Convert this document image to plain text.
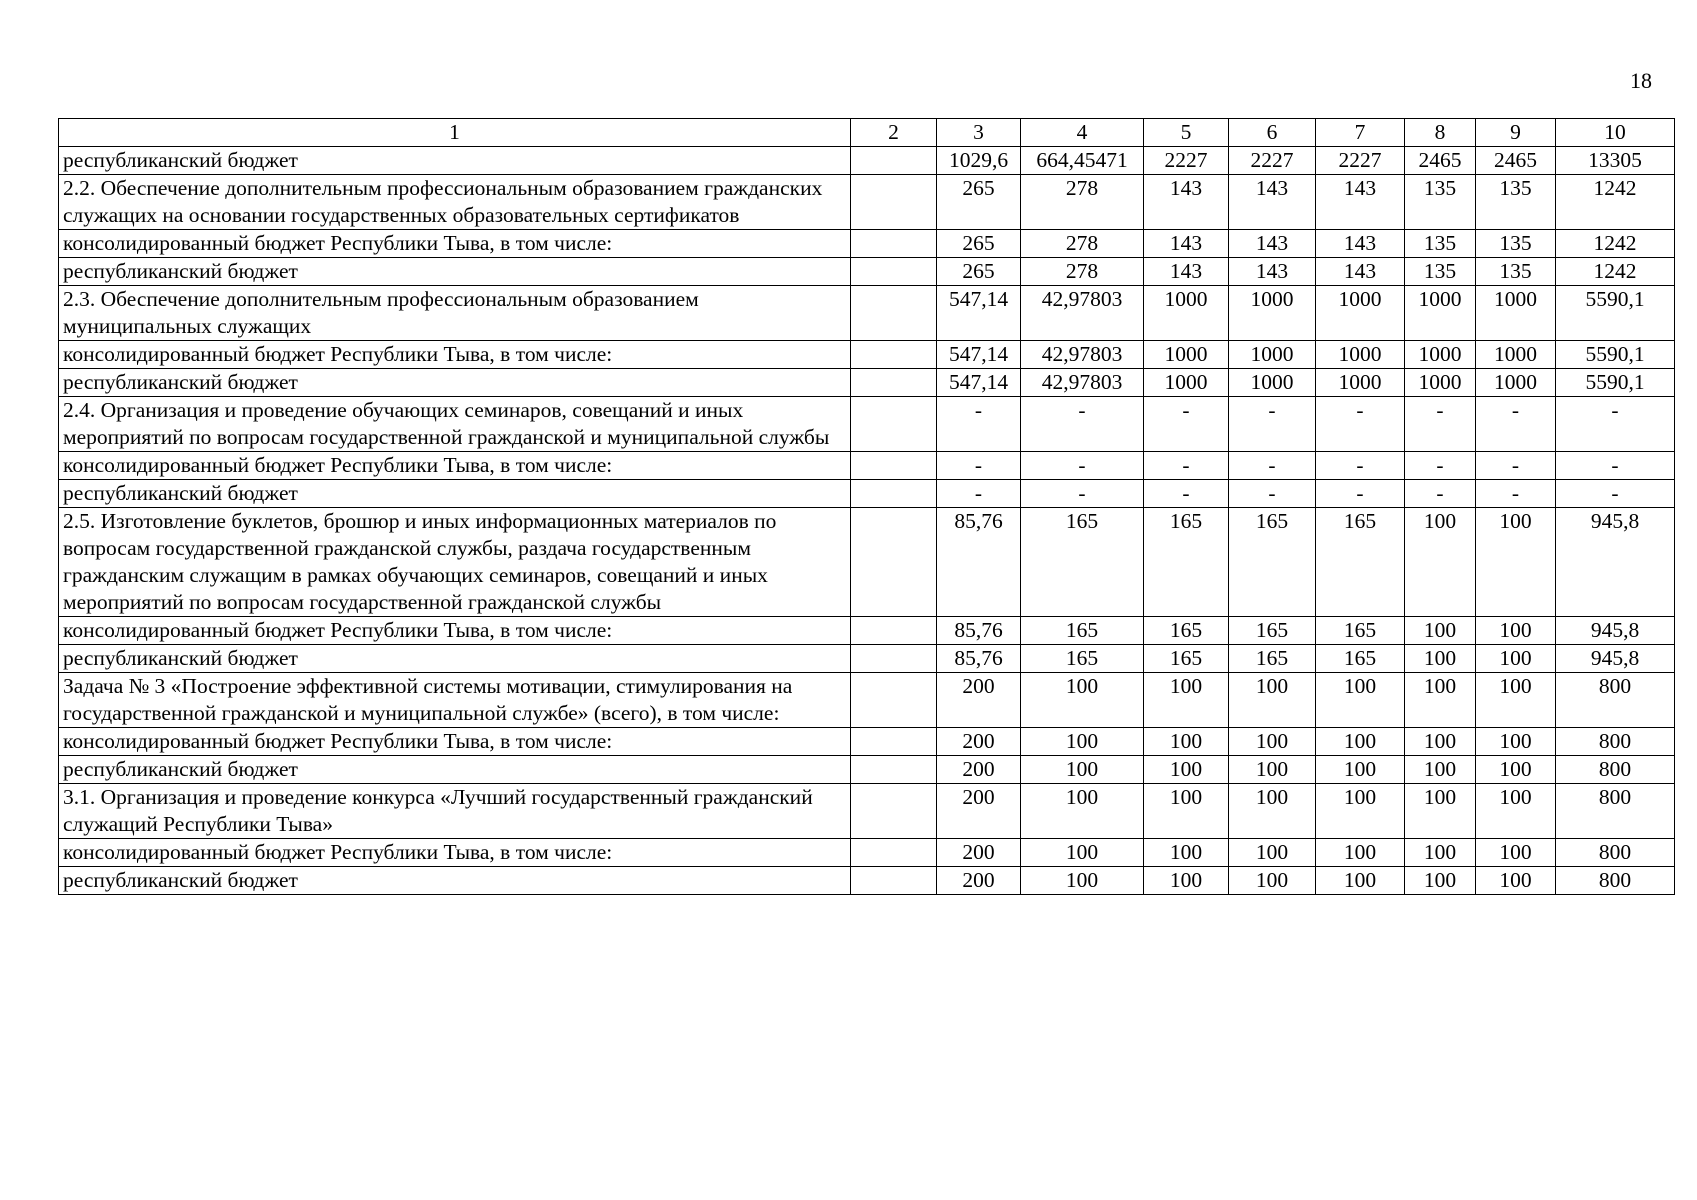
18
1	2	3	4	5	6	7	8	9	10
республиканский бюджет		1029,6	664,45471	2227	2227	2227	2465	2465	13305
2.2. Обеспечение дополнительным профессиональным образованием гражданских служащих на основании государственных образовательных сертификатов		265	278	143	143	143	135	135	1242
консолидированный бюджет Республики Тыва, в том числе:		265	278	143	143	143	135	135	1242
республиканский бюджет		265	278	143	143	143	135	135	1242
2.3. Обеспечение дополнительным профессиональным образованием муниципальных служащих		547,14	42,97803	1000	1000	1000	1000	1000	5590,1
консолидированный бюджет Республики Тыва, в том числе:		547,14	42,97803	1000	1000	1000	1000	1000	5590,1
республиканский бюджет		547,14	42,97803	1000	1000	1000	1000	1000	5590,1
2.4. Организация и проведение обучающих семинаров, совещаний и иных мероприятий по вопросам государственной гражданской и муниципальной службы		-	-	-	-	-	-	-	-
консолидированный бюджет Республики Тыва, в том числе:		-	-	-	-	-	-	-	-
республиканский бюджет		-	-	-	-	-	-	-	-
2.5. Изготовление буклетов, брошюр и иных информационных материалов по вопросам государственной гражданской службы, раздача государственным гражданским служащим в рамках обучающих семинаров, совещаний и иных мероприятий по вопросам государственной гражданской службы		85,76	165	165	165	165	100	100	945,8
консолидированный бюджет Республики Тыва, в том числе:		85,76	165	165	165	165	100	100	945,8
республиканский бюджет		85,76	165	165	165	165	100	100	945,8
Задача № 3 «Построение эффективной системы мотивации, стимулирования на государственной гражданской и муниципальной службе» (всего), в том числе:		200	100	100	100	100	100	100	800
консолидированный бюджет Республики Тыва, в том числе:		200	100	100	100	100	100	100	800
республиканский бюджет		200	100	100	100	100	100	100	800
3.1. Организация и проведение конкурса «Лучший государственный гражданский служащий Республики Тыва»		200	100	100	100	100	100	100	800
консолидированный бюджет Республики Тыва, в том числе:		200	100	100	100	100	100	100	800
республиканский бюджет		200	100	100	100	100	100	100	800
